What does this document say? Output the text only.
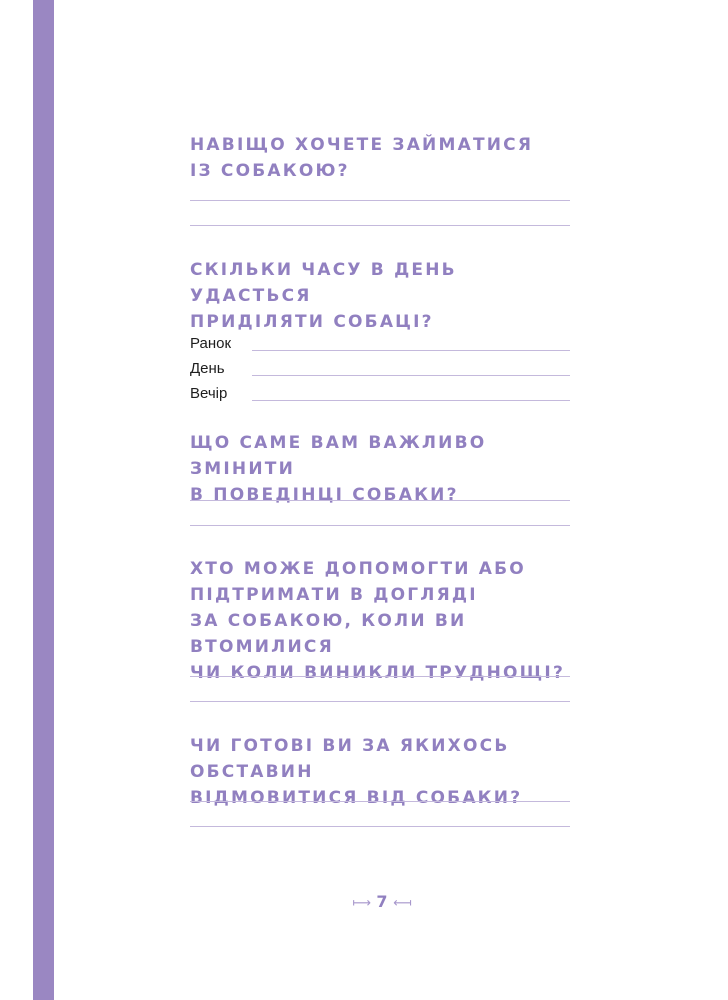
НАВІЩО ХОЧЕТЕ ЗАЙМАТИСЯ
ІЗ СОБАКОЮ?
СКІЛЬКИ ЧАСУ В ДЕНЬ УДАСТЬСЯ
ПРИДІЛЯТИ СОБАЦІ?
Ранок
День
Вечір
ЩО САМЕ ВАМ ВАЖЛИВО ЗМІНИТИ
В ПОВЕДІНЦІ СОБАКИ?
ХТО МОЖЕ ДОПОМОГТИ АБО
ПІДТРИМАТИ В ДОГЛЯДІ
ЗА СОБАКОЮ, КОЛИ ВИ ВТОМИЛИСЯ
ЧИ КОЛИ ВИНИКЛИ ТРУДНОЩІ?
ЧИ ГОТОВІ ВИ ЗА ЯКИХОСЬ ОБСТАВИН
ВІДМОВИТИСЯ ВІД СОБАКИ?
⟼ 7 ⟻
